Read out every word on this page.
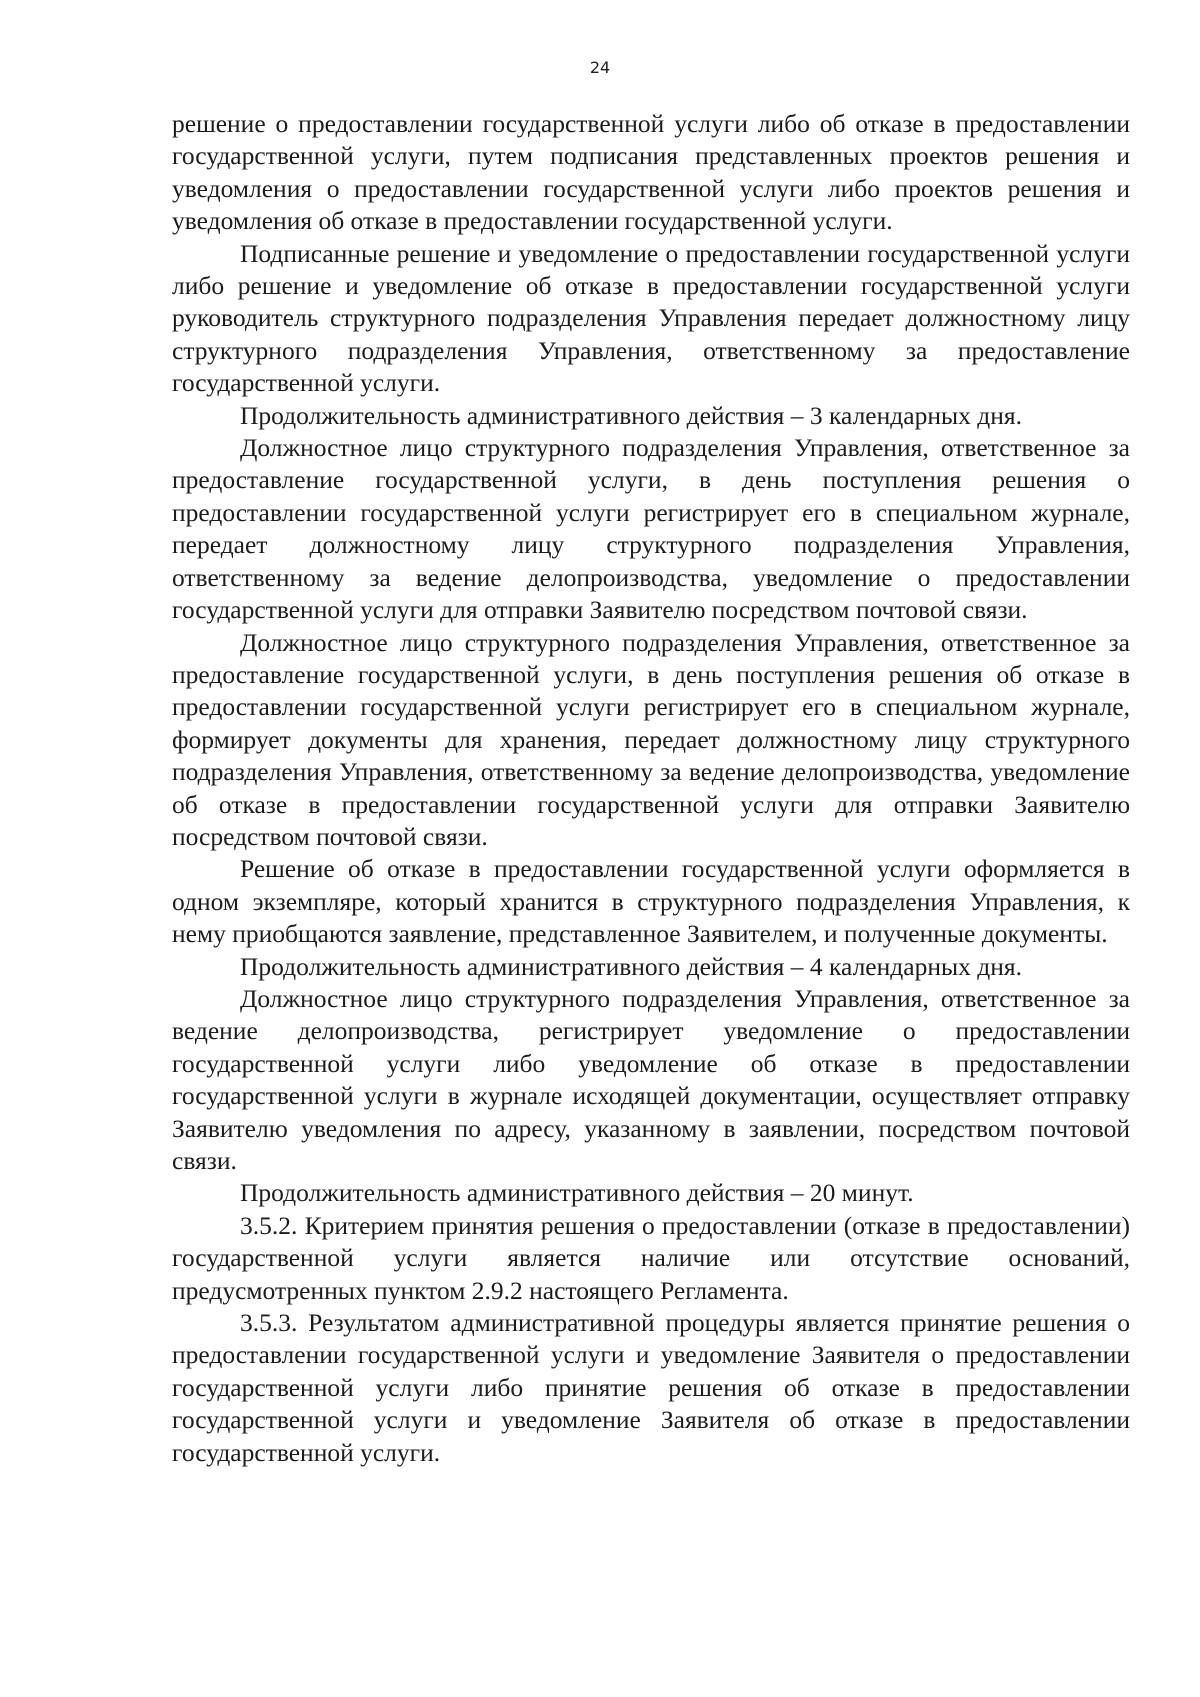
24

решение о предоставлении государственной услуги либо об отказе в предоставлении государственной услуги, путем подписания представленных проектов решения и уведомления о предоставлении государственной услуги либо проектов решения и уведомления об отказе в предоставлении государственной услуги.

Подписанные решение и уведомление о предоставлении государственной услуги либо решение и уведомление об отказе в предоставлении государственной услуги руководитель структурного подразделения Управления передает должностному лицу структурного подразделения Управления, ответственному за предоставление государственной услуги.

Продолжительность административного действия – 3 календарных дня.

Должностное лицо структурного подразделения Управления, ответственное за предоставление государственной услуги, в день поступления решения о предоставлении государственной услуги регистрирует его в специальном журнале, передает должностному лицу структурного подразделения Управления, ответственному за ведение делопроизводства, уведомление о предоставлении государственной услуги для отправки Заявителю посредством почтовой связи.

Должностное лицо структурного подразделения Управления, ответственное за предоставление государственной услуги, в день поступления решения об отказе в предоставлении государственной услуги регистрирует его в специальном журнале, формирует документы для хранения, передает должностному лицу структурного подразделения Управления, ответственному за ведение делопроизводства, уведомление об отказе в предоставлении государственной услуги для отправки Заявителю посредством почтовой связи.

Решение об отказе в предоставлении государственной услуги оформляется в одном экземпляре, который хранится в структурного подразделения Управления, к нему приобщаются заявление, представленное Заявителем, и полученные документы.

Продолжительность административного действия – 4 календарных дня.

Должностное лицо структурного подразделения Управления, ответственное за ведение делопроизводства, регистрирует уведомление о предоставлении государственной услуги либо уведомление об отказе в предоставлении государственной услуги в журнале исходящей документации, осуществляет отправку Заявителю уведомления по адресу, указанному в заявлении, посредством почтовой связи.

Продолжительность административного действия – 20 минут.

3.5.2. Критерием принятия решения о предоставлении (отказе в предоставлении) государственной услуги является наличие или отсутствие оснований, предусмотренных пунктом 2.9.2 настоящего Регламента.

3.5.3. Результатом административной процедуры является принятие решения о предоставлении государственной услуги и уведомление Заявителя о предоставлении государственной услуги либо принятие решения об отказе в предоставлении государственной услуги и уведомление Заявителя об отказе в предоставлении государственной услуги.
